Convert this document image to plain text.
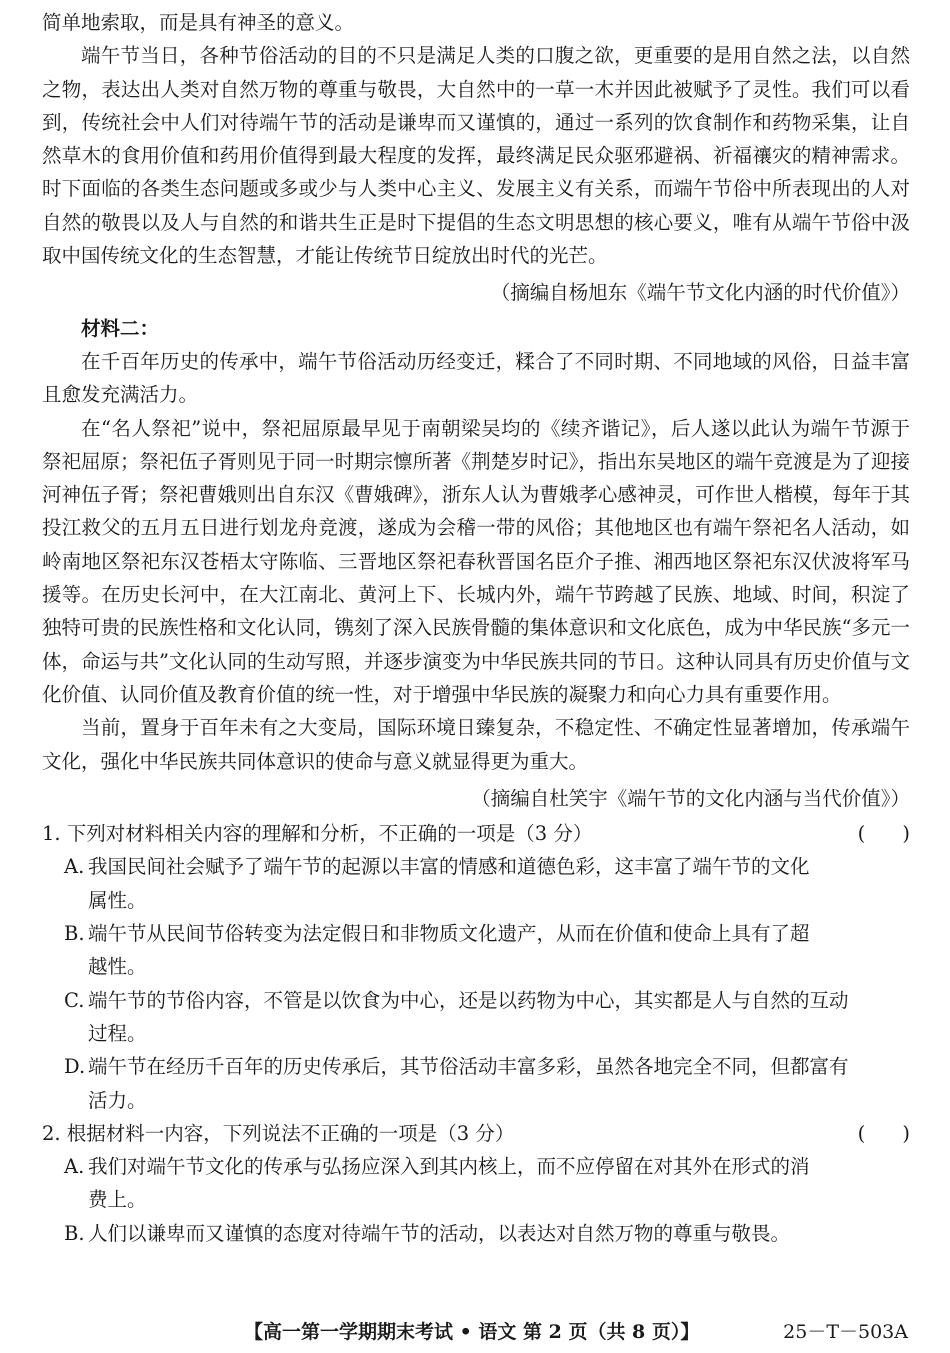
简单地索取，而是具有神圣的意义。

端午节当日，各种节俗活动的目的不只是满足人类的口腹之欲，更重要的是用自然之法，以自然之物，表达出人类对自然万物的尊重与敬畏，大自然中的一草一木并因此被赋予了灵性。我们可以看到，传统社会中人们对待端午节的活动是谦卑而又谨慎的，通过一系列的饮食制作和药物采集，让自然草木的食用价值和药用价值得到最大程度的发挥，最终满足民众驱邪避祸、祈福禳灾的精神需求。时下面临的各类生态问题或多或少与人类中心主义、发展主义有关系，而端午节俗中所表现出的人对自然的敬畏以及人与自然的和谐共生正是时下提倡的生态文明思想的核心要义，唯有从端午节俗中汲取中国传统文化的生态智慧，才能让传统节日绽放出时代的光芒。

（摘编自杨旭东《端午节文化内涵的时代价值》）

材料二：

在千百年历史的传承中，端午节俗活动历经变迁，糅合了不同时期、不同地域的风俗，日益丰富且愈发充满活力。

在“名人祭祀”说中，祭祀屈原最早见于南朝梁吴均的《续齐谐记》，后人遂以此认为端午节源于祭祀屈原；祭祀伍子胥则见于同一时期宗懔所著《荆楚岁时记》，指出东吴地区的端午竞渡是为了迎接河神伍子胥；祭祀曹娥则出自东汉《曹娥碑》，浙东人认为曹娥孝心感神灵，可作世人楷模，每年于其投江救父的五月五日进行划龙舟竞渡，遂成为会稽一带的风俗；其他地区也有端午祭祀名人活动，如岭南地区祭祀东汉苍梧太守陈临、三晋地区祭祀春秋晋国名臣介子推、湘西地区祭祀东汉伏波将军马援等。在历史长河中，在大江南北、黄河上下、长城内外，端午节跨越了民族、地域、时间，积淀了独特可贵的民族性格和文化认同，镌刻了深入民族骨髓的集体意识和文化底色，成为中华民族“多元一体，命运与共”文化认同的生动写照，并逐步演变为中华民族共同的节日。这种认同具有历史价值与文化价值、认同价值及教育价值的统一性，对于增强中华民族的凝聚力和向心力具有重要作用。

当前，置身于百年未有之大变局，国际环境日臻复杂，不稳定性、不确定性显著增加，传承端午文化，强化中华民族共同体意识的使命与意义就显得更为重大。

（摘编自杜笑宇《端午节的文化内涵与当代价值》）

1. 下列对材料相关内容的理解和分析，不正确的一项是（3 分）	(      )
A. 我国民间社会赋予了端午节的起源以丰富的情感和道德色彩，这丰富了端午节的文化
属性。
B. 端午节从民间节俗转变为法定假日和非物质文化遗产，从而在价值和使命上具有了超
越性。
C. 端午节的节俗内容，不管是以饮食为中心，还是以药物为中心，其实都是人与自然的互动
过程。
D. 端午节在经历千百年的历史传承后，其节俗活动丰富多彩，虽然各地完全不同，但都富有
活力。
2. 根据材料一内容，下列说法不正确的一项是（3 分）	(      )
A. 我们对端午节文化的传承与弘扬应深入到其内核上，而不应停留在对其外在形式的消
费上。
B. 人们以谦卑而又谨慎的态度对待端午节的活动，以表达对自然万物的尊重与敬畏。
【高一第一学期期末考试 • 语文 第 2 页（共 8 页）】	25－T－503A
